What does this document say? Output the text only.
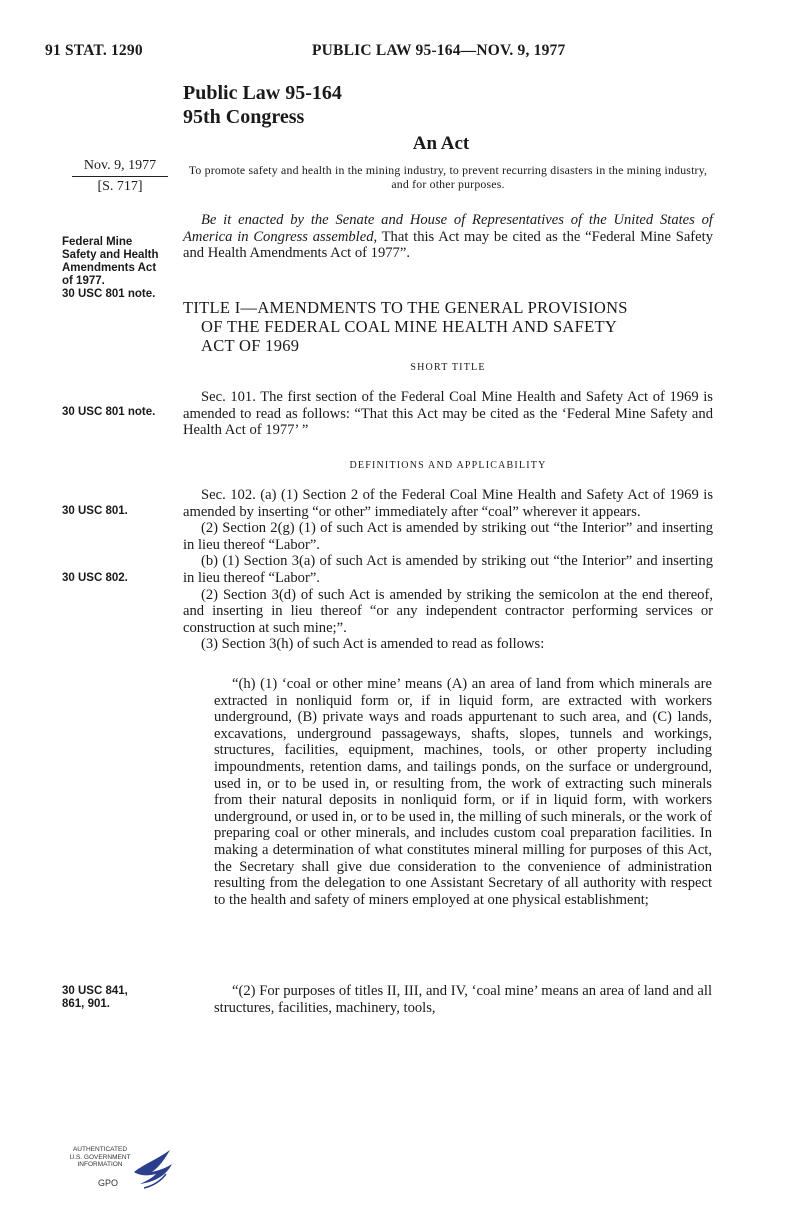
91 STAT. 1290	PUBLIC LAW 95-164—NOV. 9, 1977
Public Law 95-164
95th Congress
An Act
Nov. 9, 1977
[S. 717]
To promote safety and health in the mining industry, to prevent recurring disasters in the mining industry, and for other purposes.
Federal Mine
Safety and Health
Amendments Act
of 1977.
30 USC 801 note.

Be it enacted by the Senate and House of Representatives of the United States of America in Congress assembled, That this Act may be cited as the “Federal Mine Safety and Health Amendments Act of 1977”.

TITLE I—AMENDMENTS TO THE GENERAL PROVISIONS
OF THE FEDERAL COAL MINE HEALTH AND SAFETY
ACT OF 1969
SHORT TITLE
30 USC 801 note.

Sec. 101. The first section of the Federal Coal Mine Health and Safety Act of 1969 is amended to read as follows: “That this Act may be cited as the ‘Federal Mine Safety and Health Act of 1977’ ”

DEFINITIONS AND APPLICABILITY
30 USC 801.
30 USC 802.

Sec. 102. (a) (1) Section 2 of the Federal Coal Mine Health and Safety Act of 1969 is amended by inserting “or other” immediately after “coal” wherever it appears.

(2) Section 2(g) (1) of such Act is amended by striking out “the Interior” and inserting in lieu thereof “Labor”.

(b) (1) Section 3(a) of such Act is amended by striking out “the Interior” and inserting in lieu thereof “Labor”.

(2) Section 3(d) of such Act is amended by striking the semicolon at the end thereof, and inserting in lieu thereof “or any independent contractor performing services or construction at such mine;”.

(3) Section 3(h) of such Act is amended to read as follows:

“(h) (1) ‘coal or other mine’ means (A) an area of land from which minerals are extracted in nonliquid form or, if in liquid form, are extracted with workers underground, (B) private ways and roads appurtenant to such area, and (C) lands, excavations, underground passageways, shafts, slopes, tunnels and workings, structures, facilities, equipment, machines, tools, or other property including impoundments, retention dams, and tailings ponds, on the surface or underground, used in, or to be used in, or resulting from, the work of extracting such minerals from their natural deposits in nonliquid form, or if in liquid form, with workers underground, or used in, or to be used in, the milling of such minerals, or the work of preparing coal or other minerals, and includes custom coal preparation facilities. In making a determination of what constitutes mineral milling for purposes of this Act, the Secretary shall give due consideration to the convenience of administration resulting from the delegation to one Assistant Secretary of all authority with respect to the health and safety of miners employed at one physical establishment;

30 USC 841,
861, 901.

“(2) For purposes of titles II, III, and IV, ‘coal mine’ means an area of land and all structures, facilities, machinery, tools,

AUTHENTICATED
U.S. GOVERNMENT
INFORMATION
GPO
